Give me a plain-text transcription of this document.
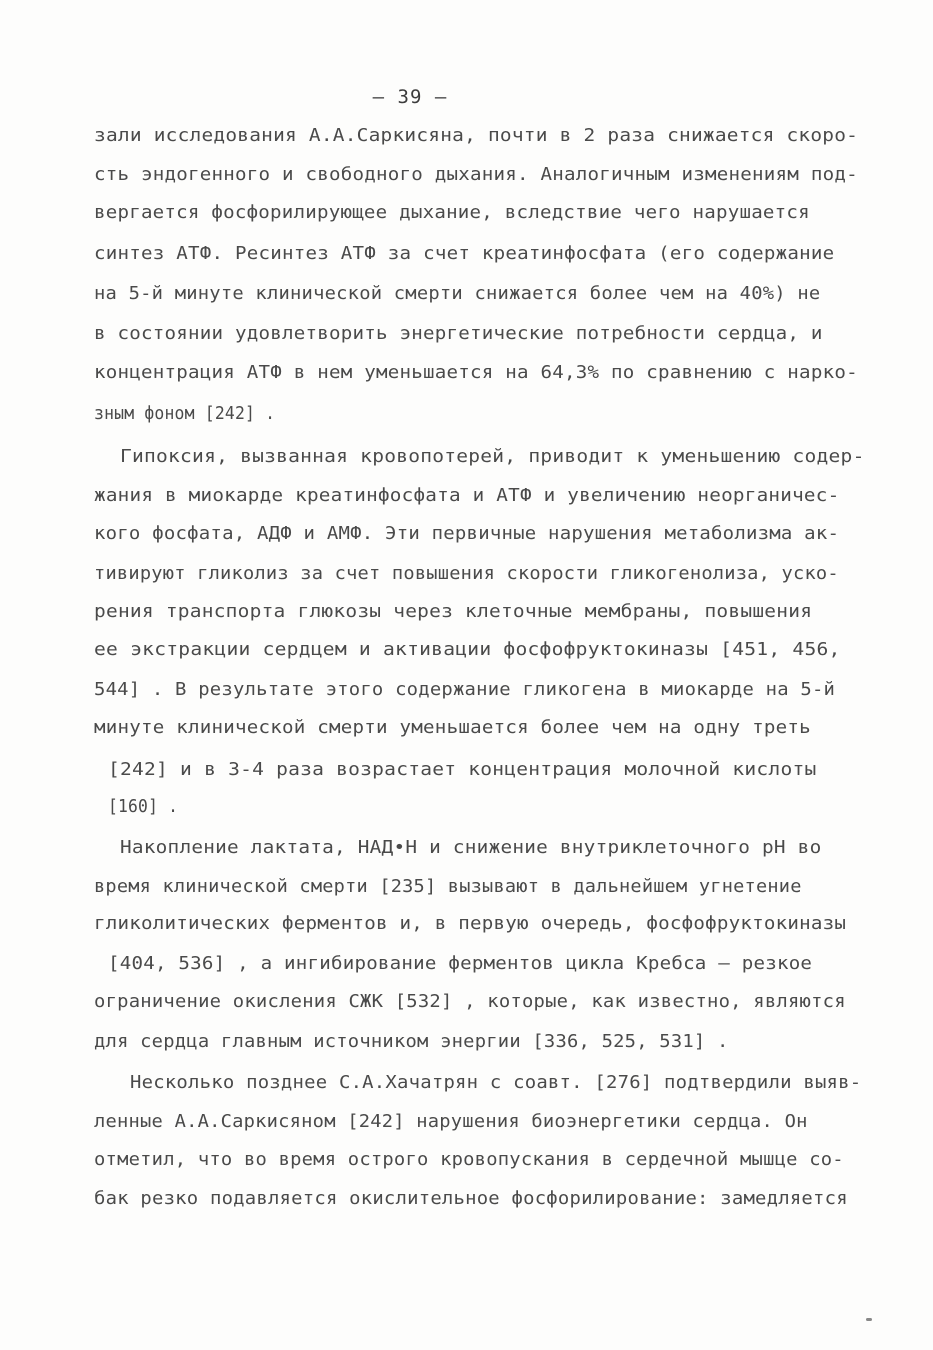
– 39 –
зали исследования А.А.Саркисяна, почти в 2 раза снижается скоро-
сть эндогенного и свободного дыхания. Аналогичным изменениям под-
вергается фосфорилирующее дыхание, вследствие чего нарушается
синтез АТФ. Ресинтез АТФ за счет креатинфосфата (его содержание
на 5-й минуте клинической смерти снижается более чем на 40%) не
в состоянии удовлетворить энергетические потребности сердца, и
концентрация АТФ в нем уменьшается на 64,3% по сравнению с нарко-
зным фоном [242] .
Гипоксия, вызванная кровопотерей, приводит к уменьшению содер-
жания в миокарде креатинфосфата и АТФ и увеличению неорганичес-
кого фосфата, АДФ и АМФ. Эти первичные нарушения метаболизма ак-
тивируют гликолиз за счет повышения скорости гликогенолиза, уско-
рения транспорта глюкозы через клеточные мембраны, повышения
ее экстракции сердцем и активации фосфофруктокиназы [451, 456,
544] . В результате этого содержание гликогена в миокарде на 5-й
минуте клинической смерти уменьшается более чем на одну треть
[242] и в 3-4 раза возрастает концентрация молочной кислоты
[160] .
Накопление лактата, НАД•Н и снижение внутриклеточного рН во
время клинической смерти [235] вызывают в дальнейшем угнетение
гликолитических ферментов и, в первую очередь, фосфофруктокиназы
[404, 536] , а ингибирование ферментов цикла Кребса – резкое
ограничение окисления СЖК [532] , которые, как известно, являются
для сердца главным источником энергии [336, 525, 531] .
Несколько позднее С.А.Хачатрян с соавт. [276] подтвердили выяв-
ленные А.А.Саркисяном [242] нарушения биоэнергетики сердца. Он
отметил, что во время острого кровопускания в сердечной мышце со-
бак резко подавляется окислительное фосфорилирование: замедляется
